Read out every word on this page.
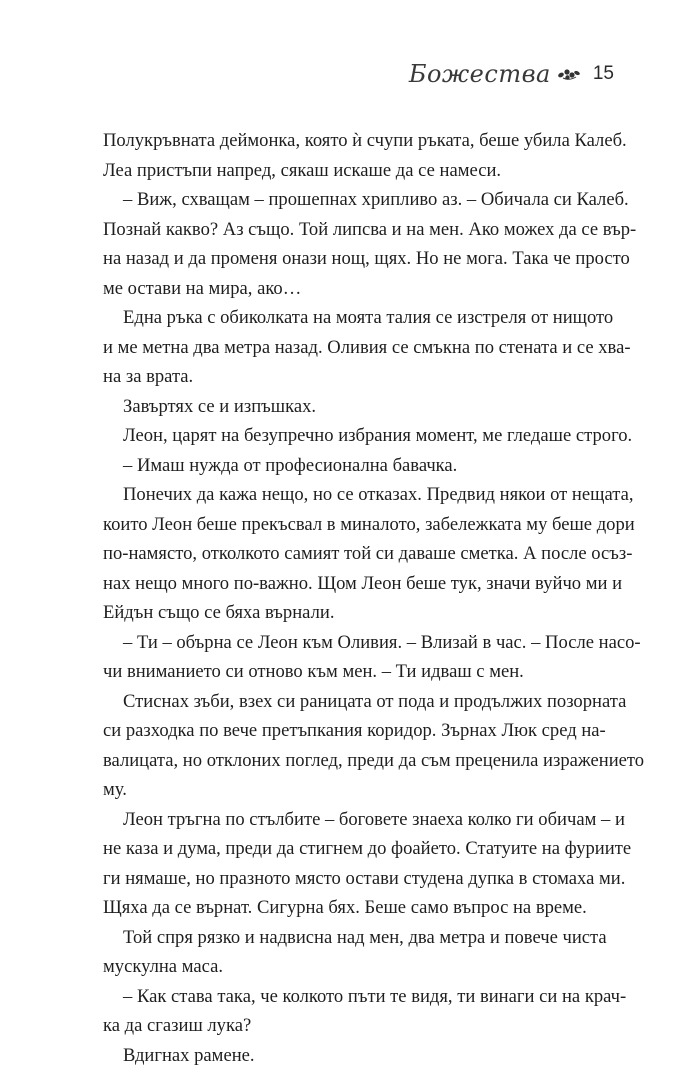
Божества 15
Полукръвната деймонка, която ѝ счупи ръката, беше убила Калеб.
Леа пристъпи напред, сякаш искаше да се намеси.
– Виж, схващам – прошепнах хрипливо аз. – Обичала си Калеб.
Познай какво? Аз също. Той липсва и на мен. Ако можех да се вър-
на назад и да променя онази нощ, щях. Но не мога. Така че просто
ме остави на мира, ако…
Една ръка с обиколката на моята талия се изстреля от нищото
и ме метна два метра назад. Оливия се смъкна по стената и се хва-
на за врата.
Завъртях се и изпъшках.
Леон, царят на безупречно избрания момент, ме гледаше строго.
– Имаш нужда от професионална бавачка.
Понечих да кажа нещо, но се отказах. Предвид някои от нещата,
които Леон беше прекъсвал в миналото, забележката му беше дори
по-намясто, отколкото самият той си даваше сметка. А после осъз-
нах нещо много по-важно. Щом Леон беше тук, значи вуйчо ми и
Ейдън също се бяха върнали.
– Ти – обърна се Леон към Оливия. – Влизай в час. – После насо-
чи вниманието си отново към мен. – Ти идваш с мен.
Стиснах зъби, взех си раницата от пода и продължих позорната
си разходка по вече претъпкания коридор. Зърнах Люк сред на-
валицата, но отклоних поглед, преди да съм преценила изражението
му.
Леон тръгна по стълбите – боговете знаеха колко ги обичам – и
не каза и дума, преди да стигнем до фоайето. Статуите на фуриите
ги нямаше, но празното място остави студена дупка в стомаха ми.
Щяха да се върнат. Сигурна бях. Беше само въпрос на време.
Той спря рязко и надвисна над мен, два метра и повече чиста
мускулна маса.
– Как става така, че колкото пъти те видя, ти винаги си на крач-
ка да сгазиш лука?
Вдигнах рамене.
